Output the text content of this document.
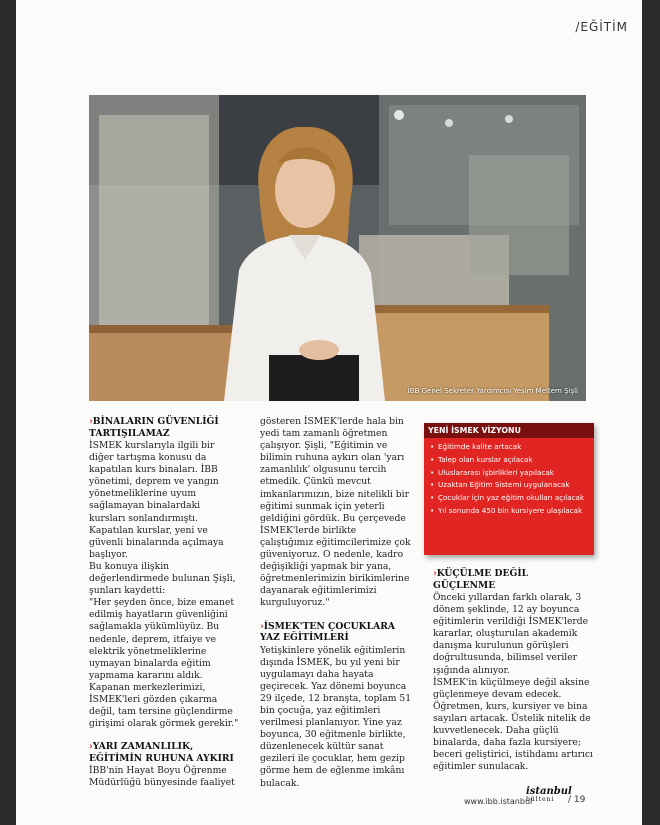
/EĞİTİM
İBB Genel Sekreter Yardımcısı Yeşim Meltem Şişli
›BİNALARIN GÜVENLİĞİ TARTIŞILAMAZ

İSMEK kurslarıyla ilgili bir diğer tartışma konusu da kapatılan kurs binaları. İBB yönetimi, deprem ve yangın yönetmeliklerine uyum sağlamayan binalardaki kursları sonlandırmıştı. Kapatılan kurslar, yeni ve güvenli binalarında açılmaya başlıyor.

Bu konuya ilişkin değerlendirmede bulunan Şişli, şunları kaydetti:

"Her şeyden önce, bize emanet edilmiş hayatların güvenliğini sağlamakla yükümlüyüz. Bu nedenle, deprem, itfaiye ve elektrik yönetmeliklerine uymayan binalarda eğitim yapmama kararını aldık. Kapanan merkezlerimizi, İSMEK'leri gözden çıkarma değil, tam tersine güçlendirme girişimi olarak görmek gerekir."

›YARI ZAMANLILIK, EĞİTİMİN RUHUNA AYKIRI

İBB'nin Hayat Boyu Öğrenme Müdürlüğü bünyesinde faaliyet

gösteren İSMEK'lerde hala bin yedi tam zamanlı öğretmen çalışıyor. Şişli, "Eğitimin ve bilimin ruhuna aykırı olan 'yarı zamanlılık' olgusunu tercih etmedik. Çünkü mevcut imkanlarımızın, bize nitelikli bir eğitimi sunmak için yeterli geldiğini gördük. Bu çerçevede İSMEK'lerde birlikte çalıştığımız eğitimcilerimize çok güveniyoruz. O nedenle, kadro değişikliği yapmak bir yana, öğretmenlerimizin birikimlerine dayanarak eğitimlerimizi kurguluyoruz."

›İSMEK'TEN ÇOCUKLARA YAZ EĞİTİMLERİ

Yetişkinlere yönelik eğitimlerin dışında İSMEK, bu yıl yeni bir uygulamayı daha hayata geçirecek. Yaz dönemi boyunca 29 ilçede, 12 branşta, toplam 51 bin çocuğa, yaz eğitimleri verilmesi planlanıyor. Yine yaz boyunca, 30 eğitmenle birlikte, düzenlenecek kültür sanat gezileri ile çocuklar, hem gezip görme hem de eğlenme imkânı bulacak.

YENİ İSMEK VİZYONU
• Eğitimde kalite artacak
• Talep olan kurslar açılacak
• Uluslararası işbirlikleri yapılacak
• Uzaktan Eğitim Sistemi uygulanacak
• Çocuklar için yaz eğitim okulları açılacak
• Yıl sonunda 450 bin kursiyere ulaşılacak
›KÜÇÜLME DEĞİL GÜÇLENME

Önceki yıllardan farklı olarak, 3 dönem şeklinde, 12 ay boyunca eğitimlerin verildiği İSMEK'lerde kararlar, oluşturulan akademik danışma kurulunun görüşleri doğrultusunda, bilimsel veriler ışığında alınıyor.

İSMEK'in küçülmeye değil aksine güçlenmeye devam edecek. Öğretmen, kurs, kursiyer ve bina sayıları artacak. Üstelik nitelik de kuvvetlenecek. Daha güçlü binalarda, daha fazla kursiyere; beceri geliştirici, istihdamı artırıcı eğitimler sunulacak.

www.ibb.istanbul
istanbul
bülteni	/ 19
